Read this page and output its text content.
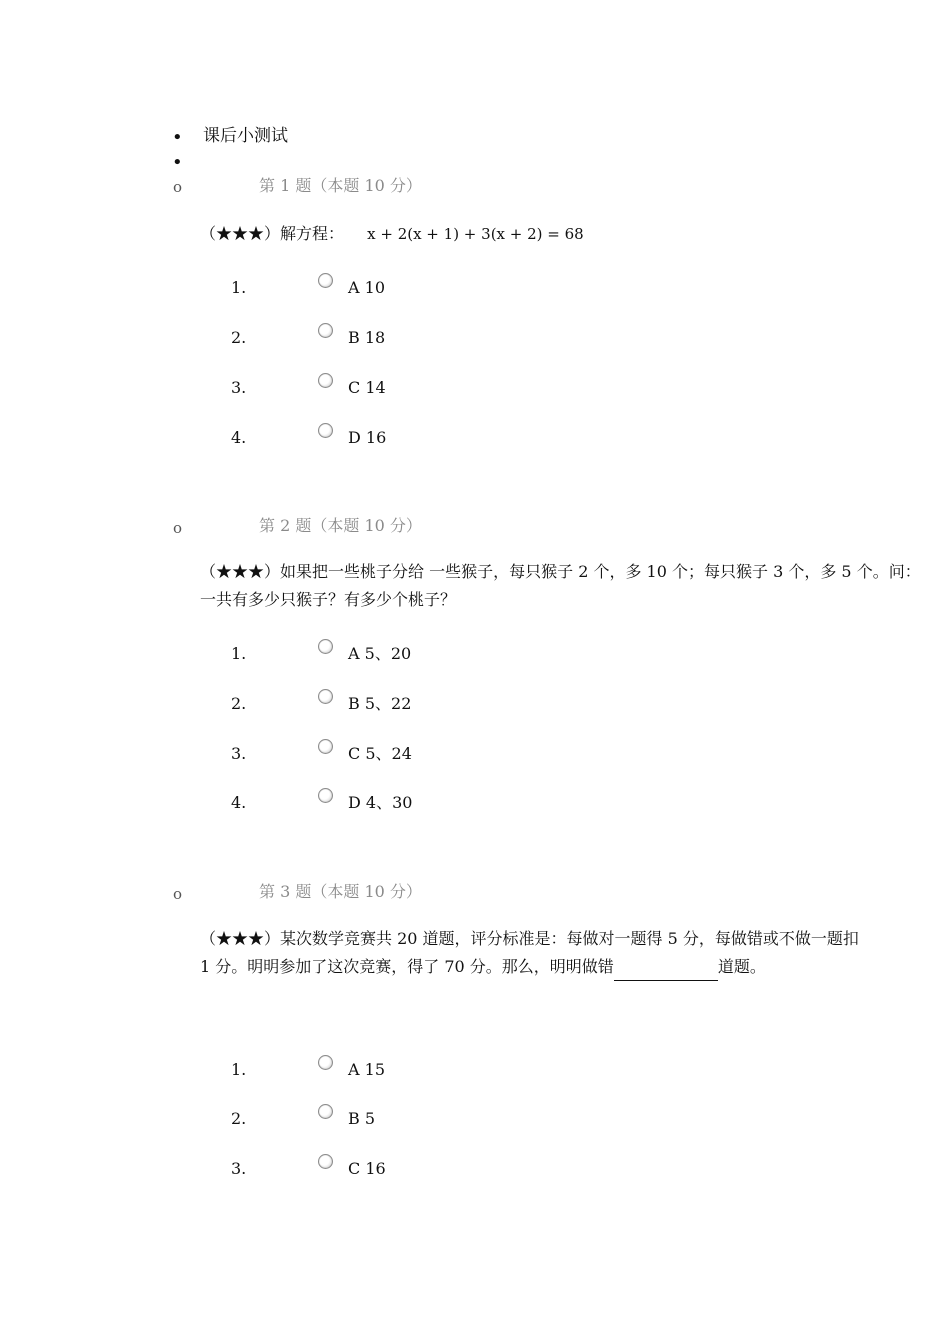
• 课后小测试
•
o	第 1 题（本题 10 分）
（★★★）解方程： x + 2(x + 1) + 3(x + 2) = 68
1.	A 10
2.	B 18
3.	C 14
4.	D 16
o	第 2 题（本题 10 分）
（★★★）如果把一些桃子分给 一些猴子，每只猴子 2 个，多 10 个；每只猴子 3 个，多 5 个。问：一共有多少只猴子？有多少个桃子？
1.	A 5、20
2.	B 5、22
3.	C 5、24
4.	D 4、30
o	第 3 题（本题 10 分）
（★★★）某次数学竞赛共 20 道题，评分标准是：每做对一题得 5 分，每做错或不做一题扣 1 分。明明参加了这次竞赛，得了 70 分。那么，明明做错	道题。
1.	A 15
2.	B 5
3.	C 16
